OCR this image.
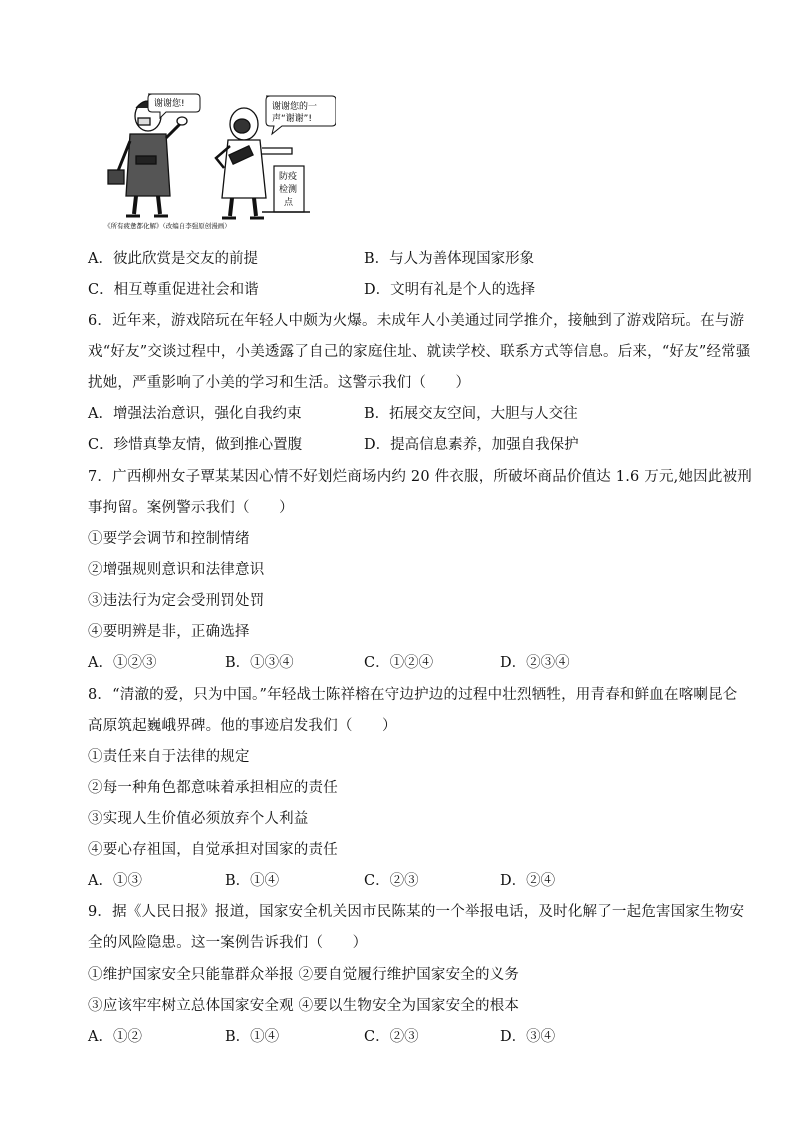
谢谢您!	谢谢您的一
声“谢谢”!
防疫
检测
点
《所有疲惫都化解》（改编自李强原创漫画）
A．彼此欣赏是交友的前提	B．与人为善体现国家形象
C．相互尊重促进社会和谐	D．文明有礼是个人的选择
6．近年来，游戏陪玩在年轻人中颇为火爆。未成年人小美通过同学推介，接触到了游戏陪玩。在与游
戏“好友”交谈过程中，小美透露了自己的家庭住址、就读学校、联系方式等信息。后来，“好友”经常骚
扰她，严重影响了小美的学习和生活。这警示我们（　　）
A．增强法治意识，强化自我约束	B．拓展交友空间，大胆与人交往
C．珍惜真挚友情，做到推心置腹	D．提高信息素养，加强自我保护
7．广西柳州女子覃某某因心情不好划烂商场内约 20 件衣服，所破坏商品价值达 1.6 万元,她因此被刑
事拘留。案例警示我们（　　）
①要学会调节和控制情绪
②增强规则意识和法律意识
③违法行为定会受刑罚处罚
④要明辨是非，正确选择
A．①②③	B．①③④	C．①②④	D．②③④
8．“清澈的爱，只为中国。”年轻战士陈祥榕在守边护边的过程中壮烈牺牲，用青春和鲜血在喀喇昆仑
高原筑起巍峨界碑。他的事迹启发我们（　　）
①责任来自于法律的规定
②每一种角色都意味着承担相应的责任
③实现人生价值必须放弃个人利益
④要心存祖国，自觉承担对国家的责任
A．①③	B．①④	C．②③	D．②④
9．据《人民日报》报道，国家安全机关因市民陈某的一个举报电话，及时化解了一起危害国家生物安
全的风险隐患。这一案例告诉我们（　　）
①维护国家安全只能靠群众举报 ②要自觉履行维护国家安全的义务
③应该牢牢树立总体国家安全观 ④要以生物安全为国家安全的根本
A．①②	B．①④	C．②③	D．③④
